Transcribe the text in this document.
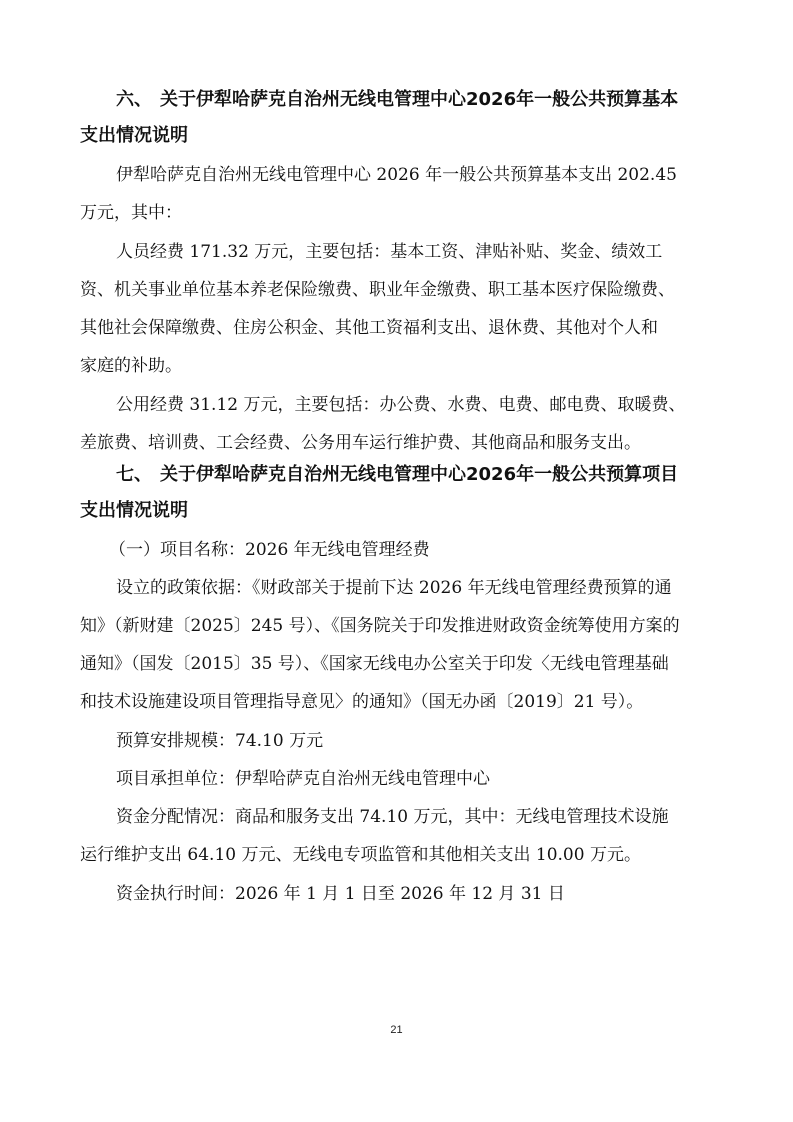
六、 关于伊犁哈萨克自治州无线电管理中心2026年一般公共预算基本
支出情况说明
伊犁哈萨克自治州无线电管理中心 2026 年一般公共预算基本支出 202.45
万元，其中：
人员经费 171.32 万元，主要包括：基本工资、津贴补贴、奖金、绩效工
资、机关事业单位基本养老保险缴费、职业年金缴费、职工基本医疗保险缴费、
其他社会保障缴费、住房公积金、其他工资福利支出、退休费、其他对个人和
家庭的补助。
公用经费 31.12 万元，主要包括：办公费、水费、电费、邮电费、取暖费、
差旅费、培训费、工会经费、公务用车运行维护费、其他商品和服务支出。
七、 关于伊犁哈萨克自治州无线电管理中心2026年一般公共预算项目
支出情况说明
（一）项目名称：2026 年无线电管理经费
设立的政策依据：《财政部关于提前下达 2026 年无线电管理经费预算的通
知》（新财建〔2025〕245 号）、《国务院关于印发推进财政资金统筹使用方案的
通知》（国发〔2015〕35 号）、《国家无线电办公室关于印发〈无线电管理基础
和技术设施建设项目管理指导意见〉的通知》（国无办函〔2019〕21 号）。
预算安排规模：74.10 万元
项目承担单位：伊犁哈萨克自治州无线电管理中心
资金分配情况：商品和服务支出 74.10 万元，其中：无线电管理技术设施
运行维护支出 64.10 万元、无线电专项监管和其他相关支出 10.00 万元。
资金执行时间：2026 年 1 月 1 日至 2026 年 12 月 31 日
21
